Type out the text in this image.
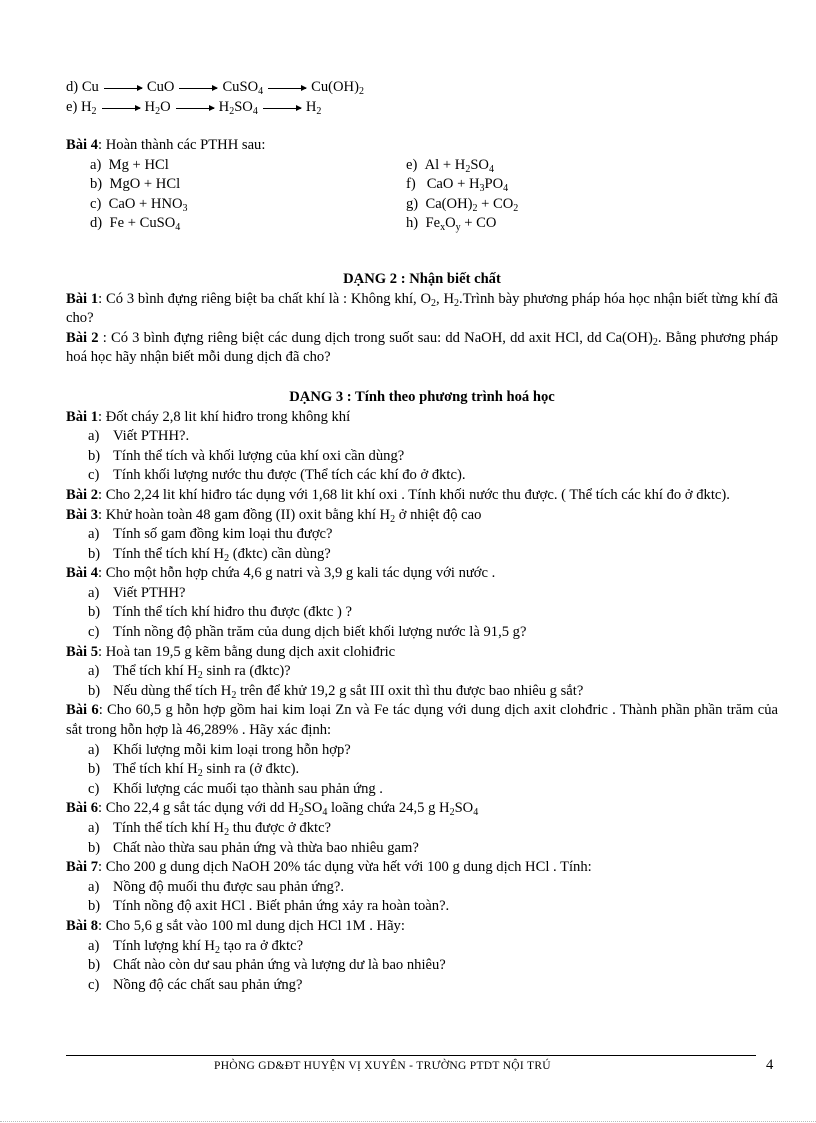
d)
Cu	CuO	CuSO$_4$	$Cu(OH)_2$
e)
$H_2$	$H_2O$	$H_2SO_4$	$H_2$
Bài 4: Hoàn thành các PTHH sau:
a) Mg + HCl	e) $Al + H_2SO_4$
b) MgO + HCl	f) CaO + $H_3PO_4$
c) CaO + $HNO_3$	g) $Ca(OH)_2 + CO_2$
d) Fe + CuSO$_4$	h) $Fe_xO_y$ + CO
DẠNG 2 : Nhận biết chất
Bài 1: Có 3 bình đựng riêng biệt ba chất khí là : Không khí, $O_2$, $H_2.Trình$ bày phương pháp hóa học nhận biết từng khí đã cho?
Bài 2 : Có 3 bình đựng riêng biệt các dung dịch trong suốt sau: dd NaOH, dd axit HCl, dd $Ca(OH)_2$. Bằng phương pháp hoá học hãy nhận biết mỗi dung dịch đã cho?
DẠNG 3 : Tính theo phương trình hoá học
Bài 1: Đốt cháy 2,8 lit khí hiđro trong không khí
a) Viết PTHH?.
b) Tính thể tích và khối lượng của khí oxi cần dùng?
c) Tính khối lượng nước thu được (Thể tích các khí đo ở đktc).
Bài 2: Cho 2,24 lit khí hiđro tác dụng với 1,68 lit khí oxi . Tính khối nước thu được. ( Thể tích các khí đo ở đktc).
Bài 3: Khử hoàn toàn 48 gam đồng (II) oxit bằng khí $H_2$ ở nhiệt độ cao
a) Tính số gam đồng kim loại thu được?
b) Tính thể tích khí $H_2$ (đktc) cần dùng?
Bài 4: Cho một hỗn hợp chứa 4,6 g natri và 3,9 g kali tác dụng với nước .
a) Viết PTHH?
b) Tính thể tích khí hiđro thu được (đktc ) ?
c) Tính nồng độ phần trăm của dung dịch biết khối lượng nước là 91,5 g?
Bài 5: Hoà tan 19,5 g kẽm bằng dung dịch axit clohiđric
a) Thể tích khí $H_2$ sinh ra (đktc)?
b) Nếu dùng thể tích $H_2$ trên để khử 19,2 g sắt III oxit thì thu được bao nhiêu g sắt?
Bài 6: Cho 60,5 g hỗn hợp gồm hai kim loại Zn và Fe tác dụng với dung dịch axit clohđric . Thành phần phần trăm của sắt trong hỗn hợp là 46,289% . Hãy xác định:
a) Khối lượng mỗi kim loại trong hỗn hợp?
b) Thể tích khí $H_2$ sinh ra (ở đktc).
c) Khối lượng các muối tạo thành sau phản ứng .
Bài 6: Cho 22,4 g sắt tác dụng với dd $H_2SO_4$ loãng chứa 24,5 g $H_2SO_4$
a) Tính thể tích khí $H_2$ thu được ở đktc?
b) Chất nào thừa sau phản ứng và thừa bao nhiêu gam?
Bài 7: Cho 200 g dung dịch NaOH 20% tác dụng vừa hết với 100 g dung dịch HCl . Tính:
a) Nồng độ muối thu được sau phản ứng?.
b) Tính nồng độ axit HCl . Biết phản ứng xảy ra hoàn toàn?.
Bài 8: Cho 5,6 g sắt vào 100 ml dung dịch HCl 1M . Hãy:
a) Tính lượng khí $H_2$ tạo ra ở đktc?
b) Chất nào còn dư sau phản ứng và lượng dư là bao nhiêu?
c) Nồng độ các chất sau phản ứng?
PHÒNG GD&ĐT HUYỆN VỊ XUYÊN - TRƯỜNG PTDT NỘI TRÚ	4
